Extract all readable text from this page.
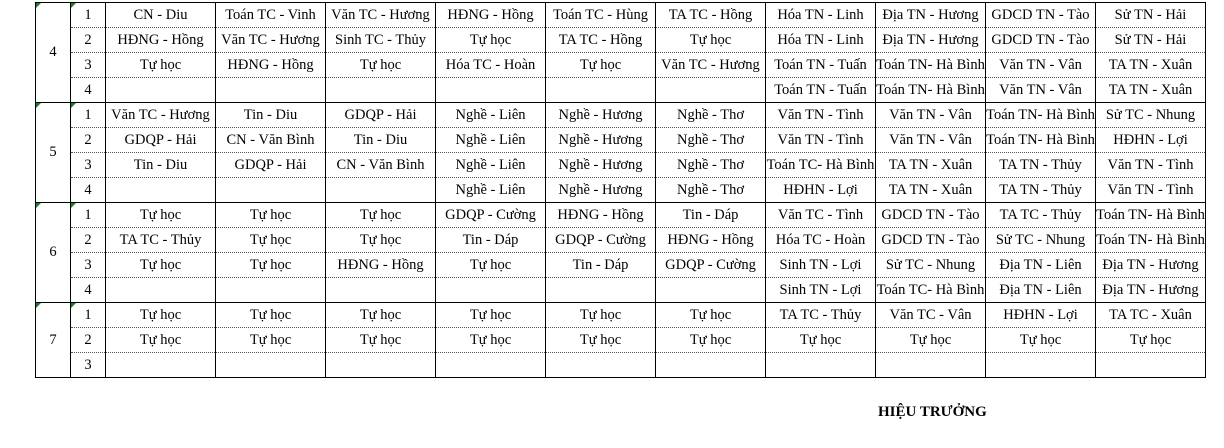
4	1	CN - Diu	Toán TC - Vinh	Văn TC - Hương	HĐNG - Hồng	Toán TC - Hùng	TA TC - Hồng	Hóa TN - Linh	Địa TN - Hương	GDCD TN - Tào	Sử TN - Hải
	2	HĐNG - Hồng	Văn TC - Hương	Sinh TC - Thủy	Tự học	TA TC - Hồng	Tự học	Hóa TN - Linh	Địa TN - Hương	GDCD TN - Tào	Sử TN - Hải
	3	Tự học	HĐNG - Hồng	Tự học	Hóa TC - Hoàn	Tự học	Văn TC - Hương	Toán TN - Tuấn	Toán TN- Hà Bình	Văn TN - Vân	TA TN - Xuân
	4							Toán TN - Tuấn	Toán TN- Hà Bình	Văn TN - Vân	TA TN - Xuân
5	1	Văn TC - Hương	Tin - Diu	GDQP - Hải	Nghề - Liên	Nghề - Hương	Nghề - Thơ	Văn TN - Tình	Văn TN - Vân	Toán TN- Hà Bình	Sử TC - Nhung
	2	GDQP - Hải	CN - Văn Bình	Tin - Diu	Nghề - Liên	Nghề - Hương	Nghề - Thơ	Văn TN - Tình	Văn TN - Vân	Toán TN- Hà Bình	HĐHN - Lợi
	3	Tin - Diu	GDQP - Hải	CN - Văn Bình	Nghề - Liên	Nghề - Hương	Nghề - Thơ	Toán TC- Hà Bình	TA TN - Xuân	TA TN - Thủy	Văn TN - Tình
	4				Nghề - Liên	Nghề - Hương	Nghề - Thơ	HĐHN - Lợi	TA TN - Xuân	TA TN - Thủy	Văn TN - Tình
6	1	Tự học	Tự học	Tự học	GDQP - Cường	HĐNG - Hồng	Tin - Dáp	Văn TC - Tình	GDCD TN - Tào	TA TC - Thủy	Toán TN- Hà Bình
	2	TA TC - Thủy	Tự học	Tự học	Tin - Dáp	GDQP - Cường	HĐNG - Hồng	Hóa TC - Hoàn	GDCD TN - Tào	Sử TC - Nhung	Toán TN- Hà Bình
	3	Tự học	Tự học	HĐNG - Hồng	Tự học	Tin - Dáp	GDQP - Cường	Sinh TN - Lợi	Sử TC - Nhung	Địa TN - Liên	Địa TN - Hương
	4							Sinh TN - Lợi	Toán TC- Hà Bình	Địa TN - Liên	Địa TN - Hương
7	1	Tự học	Tự học	Tự học	Tự học	Tự học	Tự học	TA TC - Thủy	Văn TC - Vân	HĐHN - Lợi	TA TC - Xuân
	2	Tự học	Tự học	Tự học	Tự học	Tự học	Tự học	Tự học	Tự học	Tự học	Tự học
	3										
HIỆU TRƯỞNG
